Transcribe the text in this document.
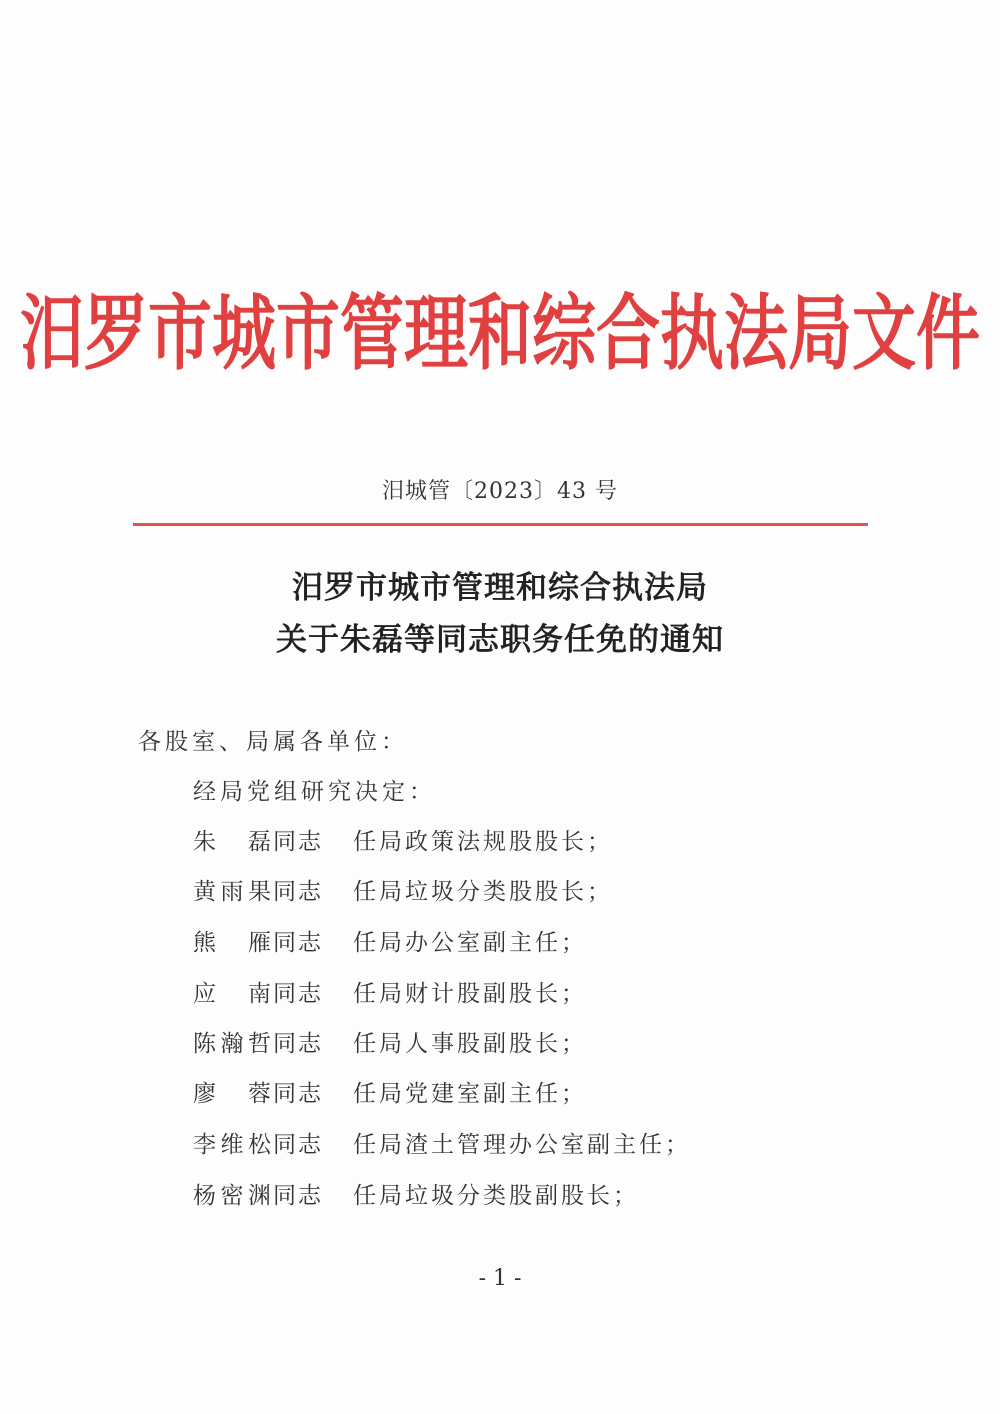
汨罗市城市管理和综合执法局文件
汨城管〔2023〕43 号
汨罗市城市管理和综合执法局
关于朱磊等同志职务任免的通知
各股室、局属各单位：
经局党组研究决定：
朱磊同志 任局政策法规股股长；
黄雨果同志 任局垃圾分类股股长；
熊雁同志 任局办公室副主任；
应南同志 任局财计股副股长；
陈瀚哲同志 任局人事股副股长；
廖蓉同志 任局党建室副主任；
李维松同志 任局渣土管理办公室副主任；
杨密渊同志 任局垃圾分类股副股长；
- 1 -
